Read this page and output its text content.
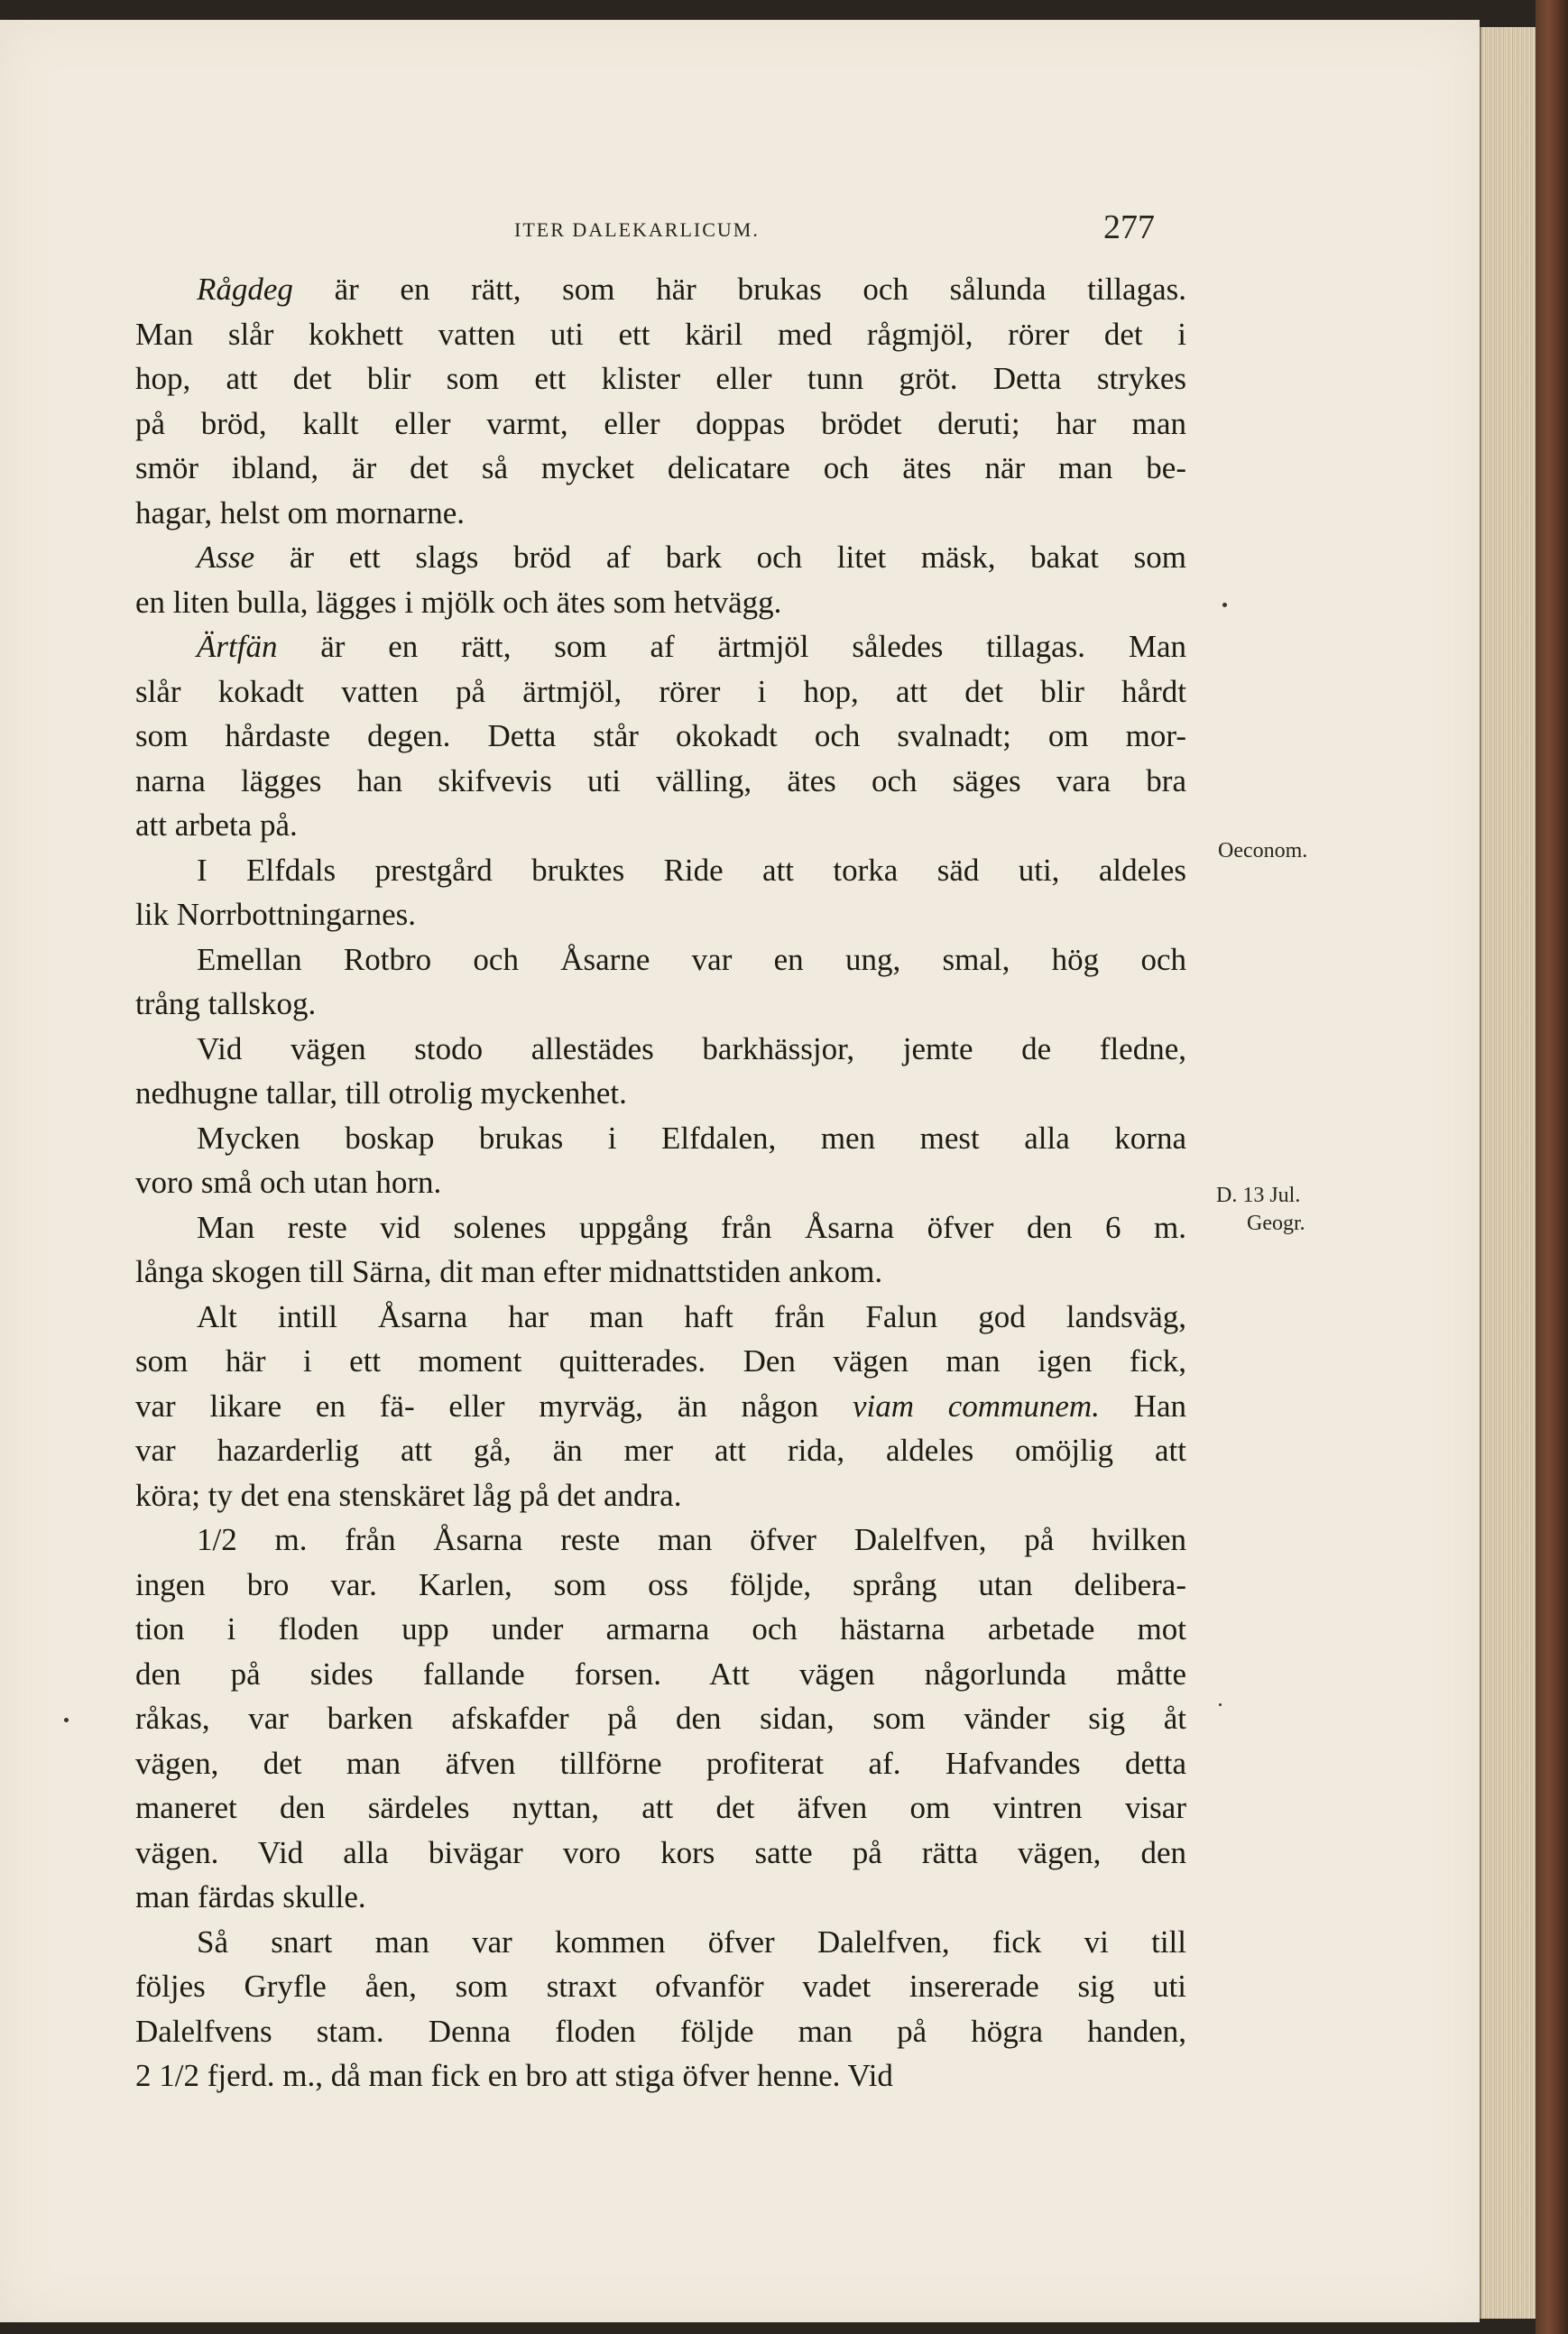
ITER DALEKARLICUM.	277
Rågdeg är en rätt, som här brukas och sålunda tillagas.
Man slår kokhett vatten uti ett käril med rågmjöl, rörer det i
hop, att det blir som ett klister eller tunn gröt. Detta strykes
på bröd, kallt eller varmt, eller doppas brödet deruti; har man
smör ibland, är det så mycket delicatare och ätes när man be-
hagar, helst om mornarne.
Asse är ett slags bröd af bark och litet mäsk, bakat som
en liten bulla, lägges i mjölk och ätes som hetvägg.
Ärtfän är en rätt, som af ärtmjöl således tillagas. Man
slår kokadt vatten på ärtmjöl, rörer i hop, att det blir hårdt
som hårdaste degen. Detta står okokadt och svalnadt; om mor-
narna lägges han skifvevis uti välling, ätes och säges vara bra
att arbeta på.
I Elfdals prestgård bruktes Ride att torka säd uti, aldeles
lik Norrbottningarnes.
Emellan Rotbro och Åsarne var en ung, smal, hög och
trång tallskog.
Vid vägen stodo allestädes barkhässjor, jemte de fledne,
nedhugne tallar, till otrolig myckenhet.
Mycken boskap brukas i Elfdalen, men mest alla korna
voro små och utan horn.
Man reste vid solenes uppgång från Åsarna öfver den 6 m.
långa skogen till Särna, dit man efter midnattstiden ankom.
Alt intill Åsarna har man haft från Falun god landsväg,
som här i ett moment quitterades. Den vägen man igen fick,
var likare en fä- eller myrväg, än någon viam communem. Han
var hazarderlig att gå, än mer att rida, aldeles omöjlig att
köra; ty det ena stenskäret låg på det andra.
1/2 m. från Åsarna reste man öfver Dalelfven, på hvilken
ingen bro var. Karlen, som oss följde, språng utan delibera-
tion i floden upp under armarna och hästarna arbetade mot
den på sides fallande forsen. Att vägen någorlunda måtte
råkas, var barken afskafder på den sidan, som vänder sig åt
vägen, det man äfven tillförne profiterat af. Hafvandes detta
maneret den särdeles nyttan, att det äfven om vintren visar
vägen. Vid alla bivägar voro kors satte på rätta vägen, den
man färdas skulle.
Så snart man var kommen öfver Dalelfven, fick vi till
följes Gryfle åen, som straxt ofvanför vadet insererade sig uti
Dalelfvens stam. Denna floden följde man på högra handen,
2 1/2 fjerd. m., då man fick en bro att stiga öfver henne. Vid
Oeconom.
D. 13 Jul.
Geogr.
